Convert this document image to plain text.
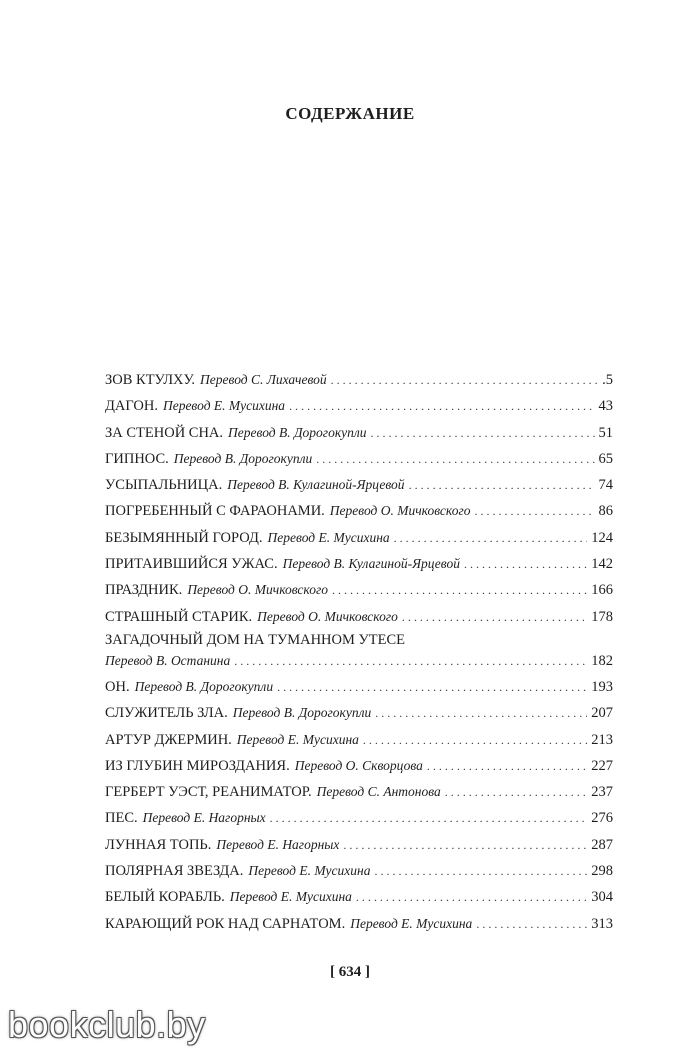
СОДЕРЖАНИЕ
ЗОВ КТУЛХУ. Перевод С. Лихачевой .....	.5
ДАГОН. Перевод Е. Мусихина .....	43
ЗА СТЕНОЙ СНА. Перевод В. Дорогокупли .....	51
ГИПНОС. Перевод В. Дорогокупли .....	65
УСЫПАЛЬНИЦА. Перевод В. Кулагиной-Ярцевой .....	74
ПОГРЕБЕННЫЙ С ФАРАОНАМИ. Перевод О. Мичковского .....	86
БЕЗЫМЯННЫЙ ГОРОД. Перевод Е. Мусихина .....	124
ПРИТАИВШИЙСЯ УЖАС. Перевод В. Кулагиной-Ярцевой .....	142
ПРАЗДНИК. Перевод О. Мичковского .....	166
СТРАШНЫЙ СТАРИК. Перевод О. Мичковского .....	178
ЗАГАДОЧНЫЙ ДОМ НА ТУМАННОМ УТЕСЕ
Перевод В. Останина .....	182
ОН. Перевод В. Дорогокупли .....	193
СЛУЖИТЕЛЬ ЗЛА. Перевод В. Дорогокупли .....	207
АРТУР ДЖЕРМИН. Перевод Е. Мусихина .....	213
ИЗ ГЛУБИН МИРОЗДАНИЯ. Перевод О. Скворцова .....	227
ГЕРБЕРТ УЭСТ, РЕАНИМАТОР. Перевод С. Антонова .....	237
ПЕС. Перевод Е. Нагорных .....	276
ЛУННАЯ ТОПЬ. Перевод Е. Нагорных .....	287
ПОЛЯРНАЯ ЗВЕЗДА. Перевод Е. Мусихина .....	298
БЕЛЫЙ КОРАБЛЬ. Перевод Е. Мусихина .....	304
КАРАЮЩИЙ РОК НАД САРНАТОМ. Перевод Е. Мусихина .....	313
[ 634 ]
bookclub.by
